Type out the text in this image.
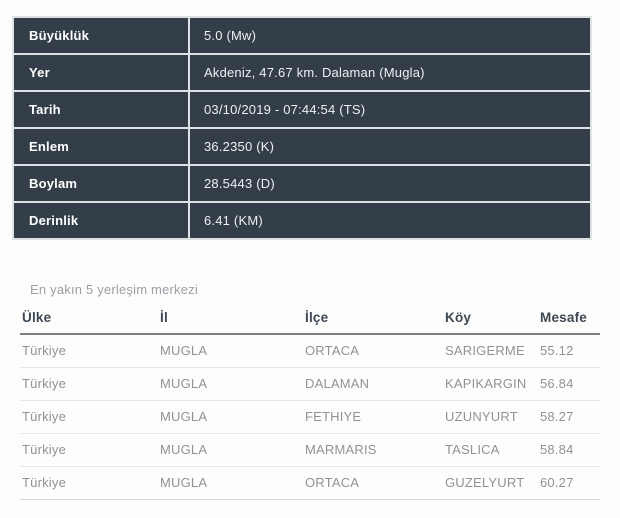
Büyüklük	5.0 (Mw)
Yer	Akdeniz, 47.67 km. Dalaman (Mugla)
Tarih	03/10/2019 - 07:44:54 (TS)
Enlem	36.2350 (K)
Boylam	28.5443 (D)
Derinlik	6.41 (KM)
En yakın 5 yerleşim merkezi
Ülke	İl	İlçe	Köy	Mesafe
Türkiye	MUGLA	ORTACA	SARIGERME	55.12
Türkiye	MUGLA	DALAMAN	KAPIKARGIN	56.84
Türkiye	MUGLA	FETHIYE	UZUNYURT	58.27
Türkiye	MUGLA	MARMARIS	TASLICA	58.84
Türkiye	MUGLA	ORTACA	GUZELYURT	60.27
